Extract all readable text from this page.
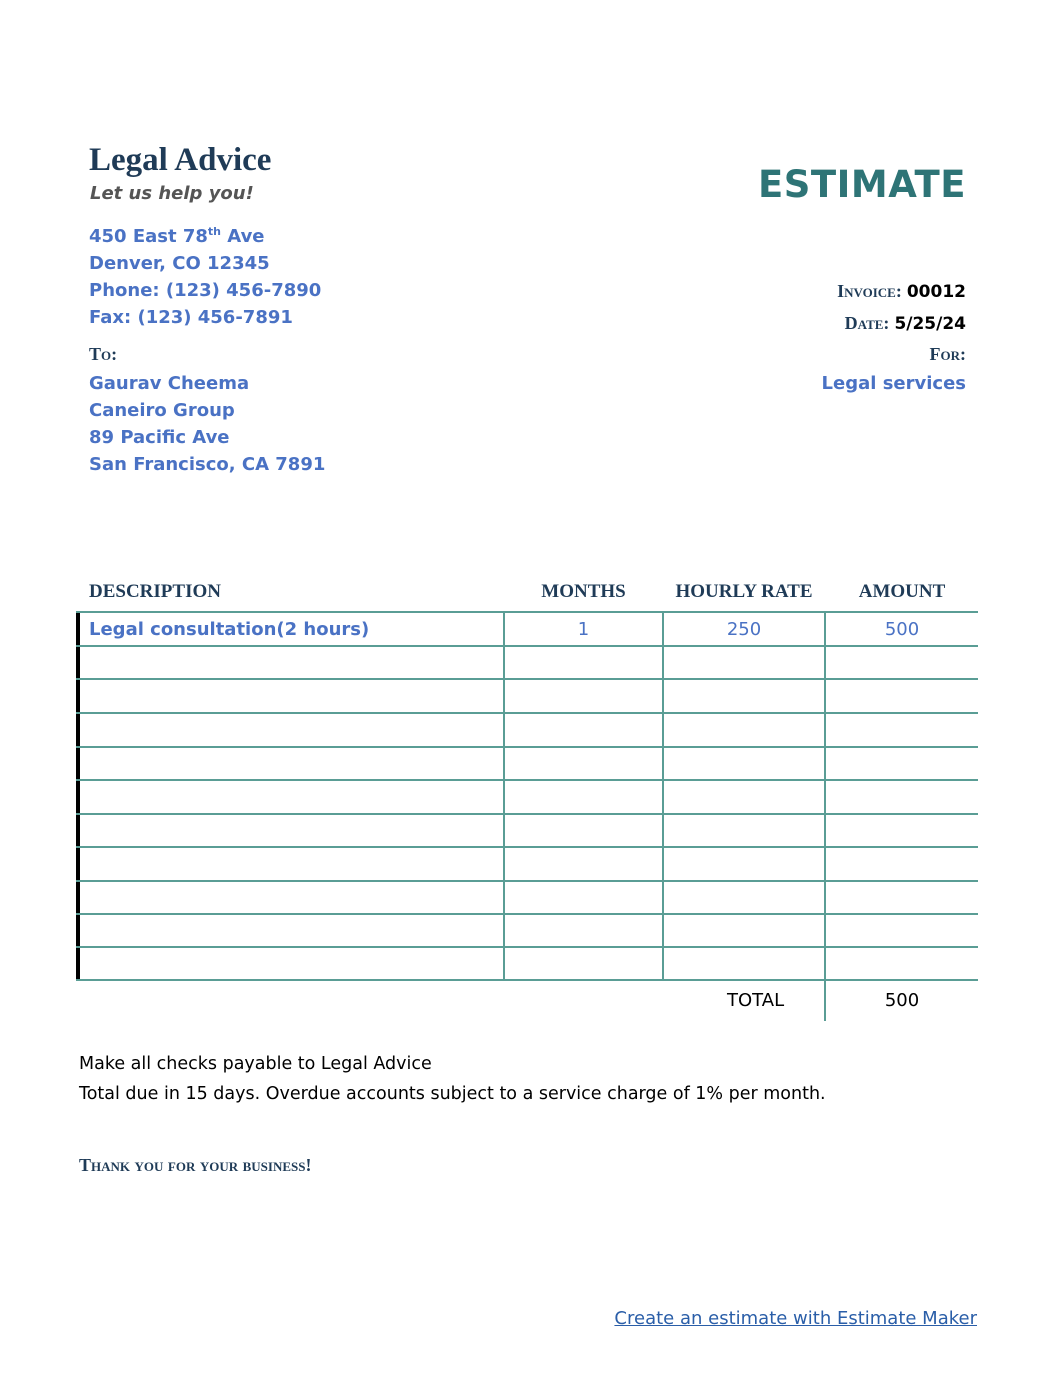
Legal Advice
Let us help you!	ESTIMATE
450 East 78th Ave
Denver, CO 12345
Phone: (123) 456-7890
Fax: (123) 456-7891
Invoice: 00012
Date: 5/25/24
For:
Legal services
To:
Gaurav Cheema
Caneiro Group
89 Pacific Ave
San Francisco, CA 7891
DESCRIPTION	MONTHS	HOURLY RATE	AMOUNT
Legal consultation(2 hours)	1	250	500
TOTAL	500
Make all checks payable to Legal Advice
Total due in 15 days. Overdue accounts subject to a service charge of 1% per month.
Thank you for your business!
Create an estimate with Estimate Maker
